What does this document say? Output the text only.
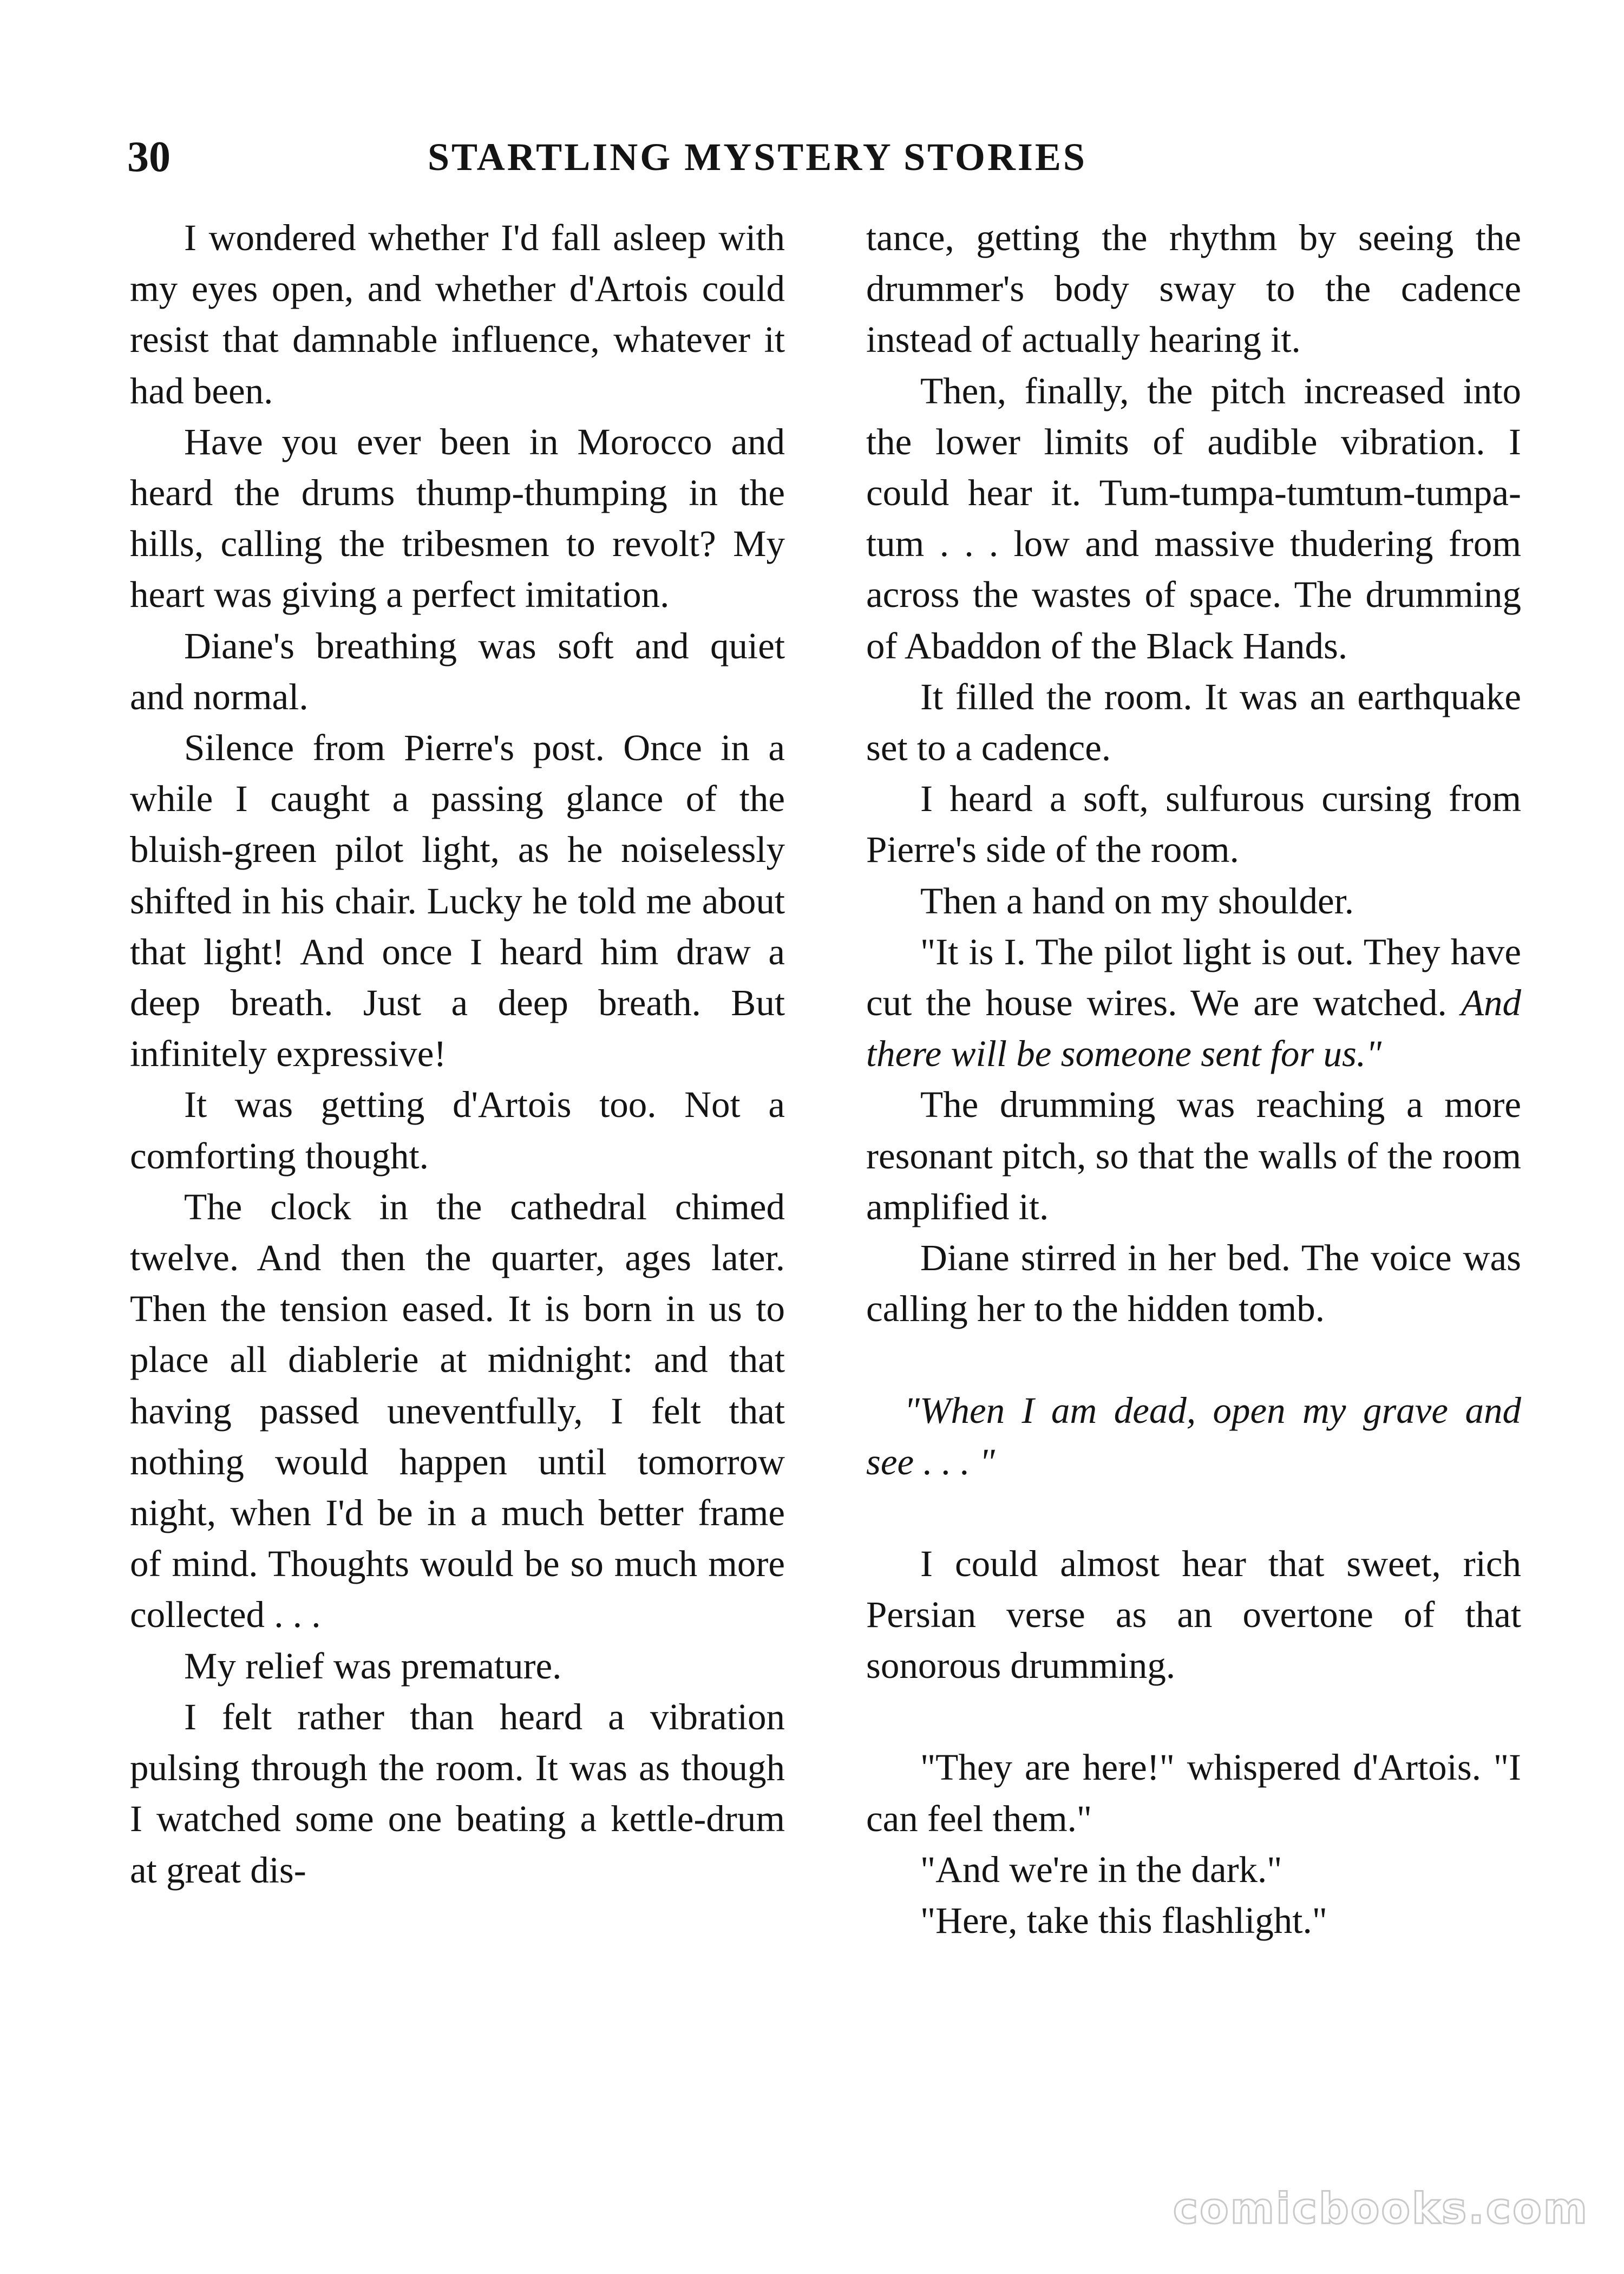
30	STARTLING MYSTERY STORIES

I wondered whether I'd fall asleep with my eyes open, and whether d'Artois could resist that damnable influence, whatever it had been.

Have you ever been in Morocco and heard the drums thump-thumping in the hills, calling the tribesmen to revolt? My heart was giving a perfect imitation.

Diane's breathing was soft and quiet and normal.

Silence from Pierre's post. Once in a while I caught a passing glance of the bluish-green pilot light, as he noiselessly shifted in his chair. Lucky he told me about that light! And once I heard him draw a deep breath. Just a deep breath. But infinitely expressive!

It was getting d'Artois too. Not a comforting thought.

The clock in the cathedral chimed twelve. And then the quarter, ages later. Then the tension eased. It is born in us to place all diablerie at midnight: and that having passed uneventfully, I felt that nothing would happen until tomorrow night, when I'd be in a much better frame of mind. Thoughts would be so much more collected . . .

My relief was premature.

I felt rather than heard a vibration pulsing through the room. It was as though I watched some one beating a kettle-drum at great dis-

tance, getting the rhythm by seeing the drummer's body sway to the cadence instead of actually hearing it.

Then, finally, the pitch increased into the lower limits of audible vibration. I could hear it. Tum-tumpa-tumtum-tumpa-tum . . . low and massive thudering from across the wastes of space. The drumming of Abaddon of the Black Hands.

It filled the room. It was an earthquake set to a cadence.

I heard a soft, sulfurous cursing from Pierre's side of the room.

Then a hand on my shoulder.

"It is I. The pilot light is out. They have cut the house wires. We are watched. And there will be someone sent for us."

The drumming was reaching a more resonant pitch, so that the walls of the room amplified it.

Diane stirred in her bed. The voice was calling her to the hidden tomb.

"When I am dead, open my grave and see . . . "

I could almost hear that sweet, rich Persian verse as an overtone of that sonorous drumming.

"They are here!" whispered d'Artois. "I can feel them."

"And we're in the dark."

"Here, take this flashlight."

comicbooks.com
